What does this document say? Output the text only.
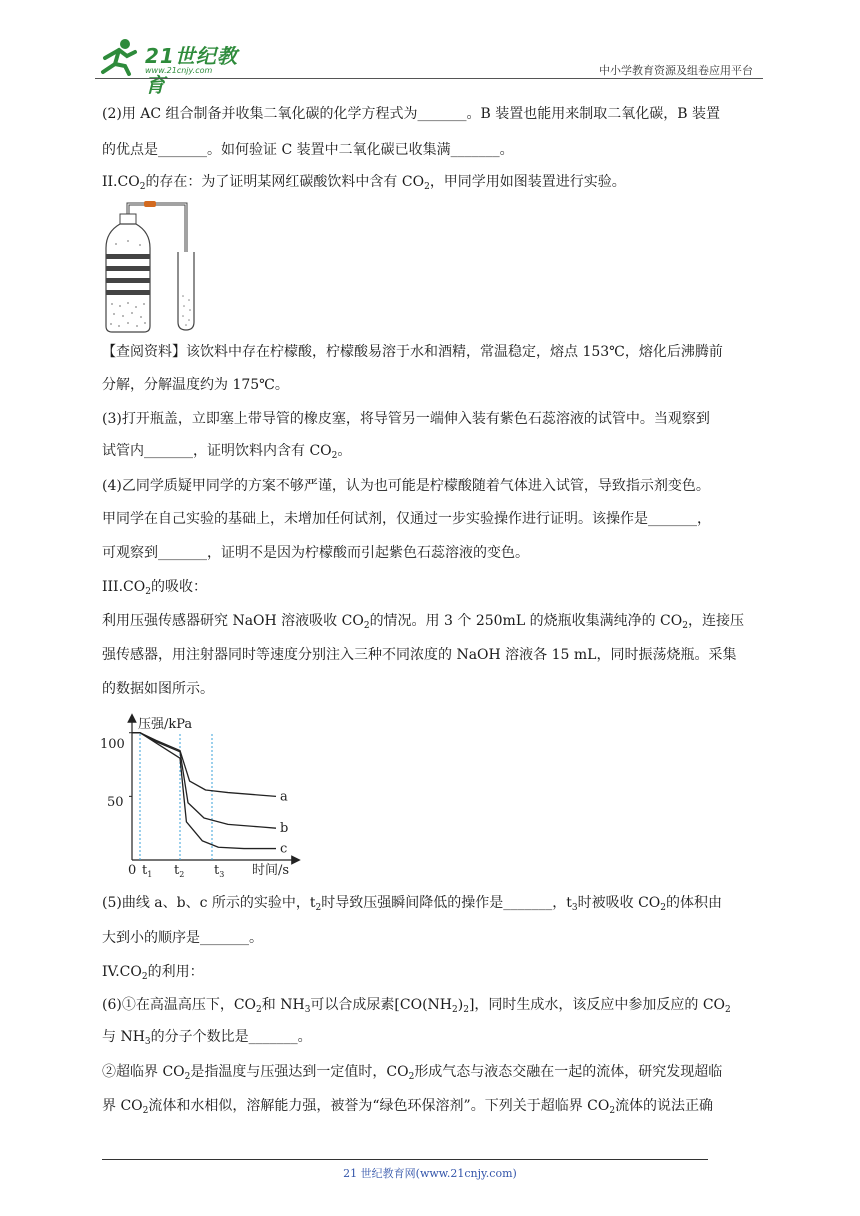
21世纪教育
www.21cnjy.com	中小学教育资源及组卷应用平台
(2)用 AC 组合制备并收集二氧化碳的化学方程式为_______。B 装置也能用来制取二氧化碳，B 装置
的优点是_______。如何验证 C 装置中二氧化碳已收集满_______。
$II.CO_2$的存在：为了证明某网红碳酸饮料中含有 $CO_2$，甲同学用如图装置进行实验。
【查阅资料】该饮料中存在柠檬酸，柠檬酸易溶于水和酒精，常温稳定，熔点 153℃，熔化后沸腾前
分解，分解温度约为 175℃。
(3)打开瓶盖，立即塞上带导管的橡皮塞，将导管另一端伸入装有紫色石蕊溶液的试管中。当观察到
试管内_______，证明饮料内含有 $CO_2$。
(4)乙同学质疑甲同学的方案不够严谨，认为也可能是柠檬酸随着气体进入试管，导致指示剂变色。
甲同学在自己实验的基础上，未增加任何试剂，仅通过一步实验操作进行证明。该操作是_______，
可观察到_______，证明不是因为柠檬酸而引起紫色石蕊溶液的变色。
$III.CO_2$的吸收：
利用压强传感器研究 NaOH 溶液吸收 $CO_2$的情况。用 3 个 250mL 的烧瓶收集满纯净的 $CO_2$，连接压
强传感器，用注射器同时等速度分别注入三种不同浓度的 NaOH 溶液各 15 mL，同时振荡烧瓶。采集
的数据如图所示。
压强/kPa
100
50
0 $t_1$ $t_2$ $t_3$ 时间/s
a
b
c
(5)曲线 a、b、c 所示的实验中，$t_2$时导致压强瞬间降低的操作是_______，$t_3$时被吸收 $CO_2$的体积由
大到小的顺序是_______。
$IV.CO_2$的利用：
(6)①在高温高压下，$CO_2$和 $NH_3$可以合成尿素$[CO(NH_2)_2]$，同时生成水，该反应中参加反应的 $CO_2$
与 $NH_3$的分子个数比是_______。
②超临界 $CO_2$是指温度与压强达到一定值时，$CO_2$形成气态与液态交融在一起的流体，研究发现超临
界 $CO_2$流体和水相似，溶解能力强，被誉为“绿色环保溶剂”。下列关于超临界 $CO_2$流体的说法正确
21 世纪教育网(www.21cnjy.com)
